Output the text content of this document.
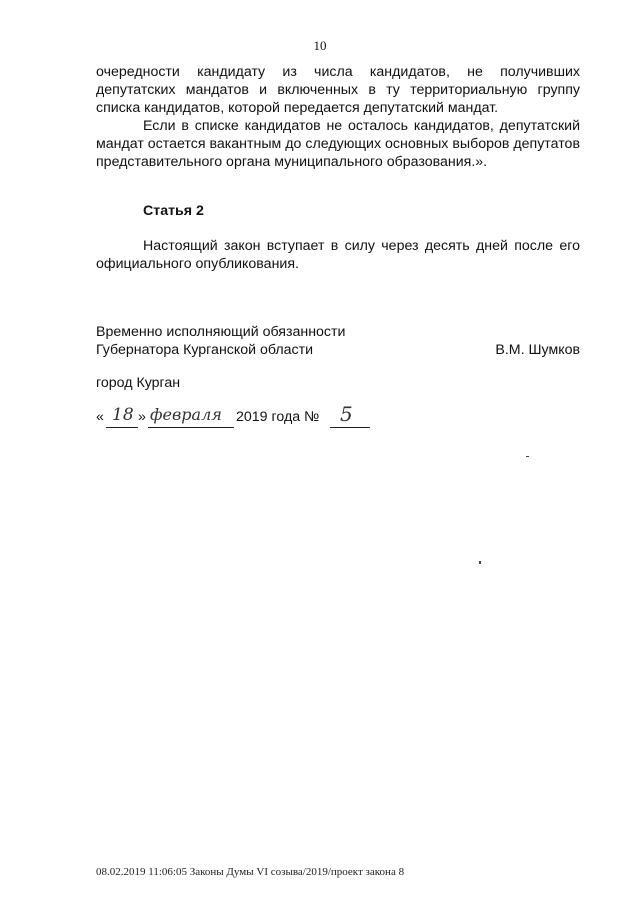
10

очередности кандидату из числа кандидатов, не получивших депутатских мандатов и включенных в ту территориальную группу списка кандидатов, которой передается депутатский мандат.

Если в списке кандидатов не осталось кандидатов, депутатский мандат остается вакантным до следующих основных выборов депутатов представительного органа муниципального образования.».

Статья 2

Настоящий закон вступает в силу через десять дней после его официального опубликования.

Временно исполняющий обязанности
Губернатора Курганской области	В.М. Шумков
город Курган
« 18 » февраля 2019 года № 5
08.02.2019 11:06:05 Законы Думы VI созыва/2019/проект закона 8
